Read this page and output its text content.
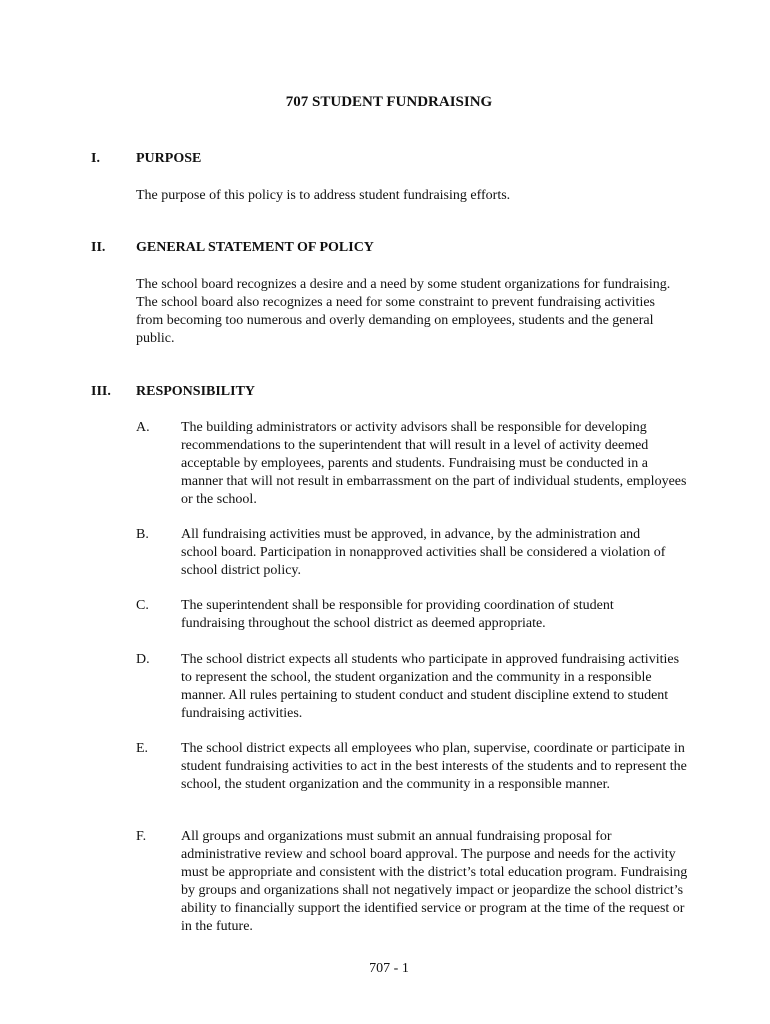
707 STUDENT FUNDRAISING
I.	PURPOSE
The purpose of this policy is to address student fundraising efforts.
II. GENERAL STATEMENT OF POLICY
The school board recognizes a desire and a need by some student organizations for fundraising. The school board also recognizes a need for some constraint to prevent fundraising activities from becoming too numerous and overly demanding on employees, students and the general public.
III. RESPONSIBILITY
A. The building administrators or activity advisors shall be responsible for developing recommendations to the superintendent that will result in a level of activity deemed acceptable by employees, parents and students. Fundraising must be conducted in a manner that will not result in embarrassment on the part of individual students, employees or the school.
B. All fundraising activities must be approved, in advance, by the administration and school board. Participation in nonapproved activities shall be considered a violation of school district policy.
C. The superintendent shall be responsible for providing coordination of student fundraising throughout the school district as deemed appropriate.
D. The school district expects all students who participate in approved fundraising activities to represent the school, the student organization and the community in a responsible manner. All rules pertaining to student conduct and student discipline extend to student fundraising activities.
E. The school district expects all employees who plan, supervise, coordinate or participate in student fundraising activities to act in the best interests of the students and to represent the school, the student organization and the community in a responsible manner.
F. All groups and organizations must submit an annual fundraising proposal for administrative review and school board approval. The purpose and needs for the activity must be appropriate and consistent with the district’s total education program. Fundraising by groups and organizations shall not negatively impact or jeopardize the school district’s ability to financially support the identified service or program at the time of the request or in the future.
707 - 1
